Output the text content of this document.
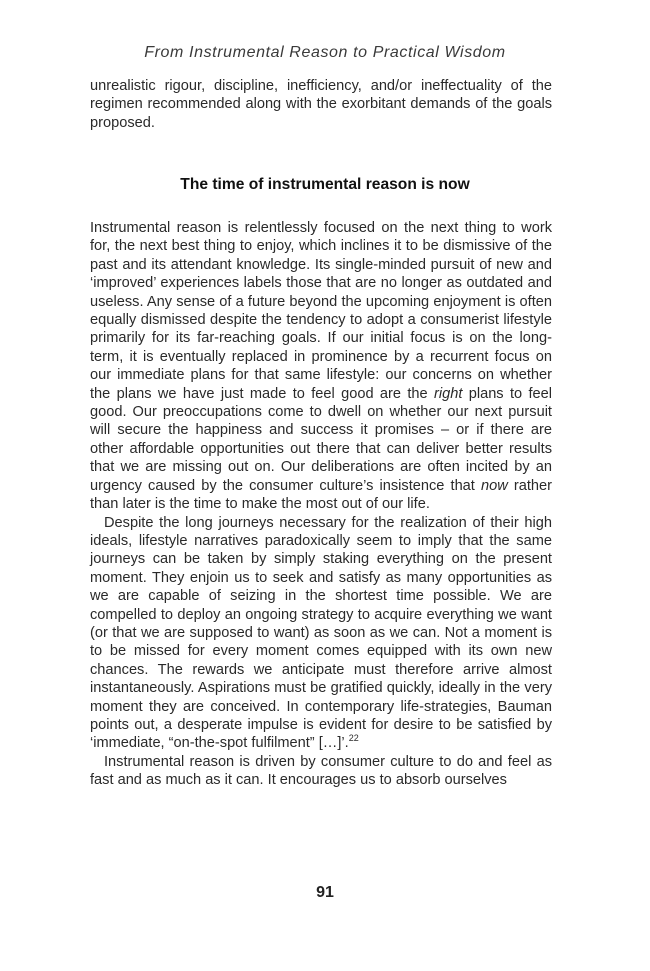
From Instrumental Reason to Practical Wisdom

unrealistic rigour, discipline, inefficiency, and/or ineffectuality of the regimen recommended along with the exorbitant demands of the goals proposed.

The time of instrumental reason is now

Instrumental reason is relentlessly focused on the next thing to work for, the next best thing to enjoy, which inclines it to be dismissive of the past and its attendant knowledge. Its single-minded pursuit of new and ‘improved’ experiences labels those that are no longer as outdated and useless. Any sense of a future beyond the upcoming enjoyment is often equally dismissed despite the tendency to adopt a consumerist lifestyle primarily for its far-reaching goals. If our initial focus is on the long-term, it is eventually replaced in prominence by a recurrent focus on our immediate plans for that same lifestyle: our concerns on whether the plans we have just made to feel good are the right plans to feel good. Our preoccupations come to dwell on whether our next pursuit will secure the happiness and success it promises – or if there are other affordable opportunities out there that can deliver better results that we are missing out on. Our deliberations are often incited by an urgency caused by the consumer culture’s insistence that now rather than later is the time to make the most out of our life.

Despite the long journeys necessary for the realization of their high ideals, lifestyle narratives paradoxically seem to imply that the same journeys can be taken by simply staking everything on the present moment. They enjoin us to seek and satisfy as many opportunities as we are capable of seizing in the shortest time possible. We are compelled to deploy an ongoing strategy to acquire everything we want (or that we are supposed to want) as soon as we can. Not a moment is to be missed for every moment comes equipped with its own new chances. The rewards we anticipate must therefore arrive almost instantaneously. Aspirations must be gratified quickly, ideally in the very moment they are conceived. In contemporary life-strategies, Bauman points out, a desperate impulse is evident for desire to be satisfied by ‘immediate, “on-the-spot fulfilment” […]’.$^{22}$

Instrumental reason is driven by consumer culture to do and feel as fast and as much as it can. It encourages us to absorb ourselves

91
